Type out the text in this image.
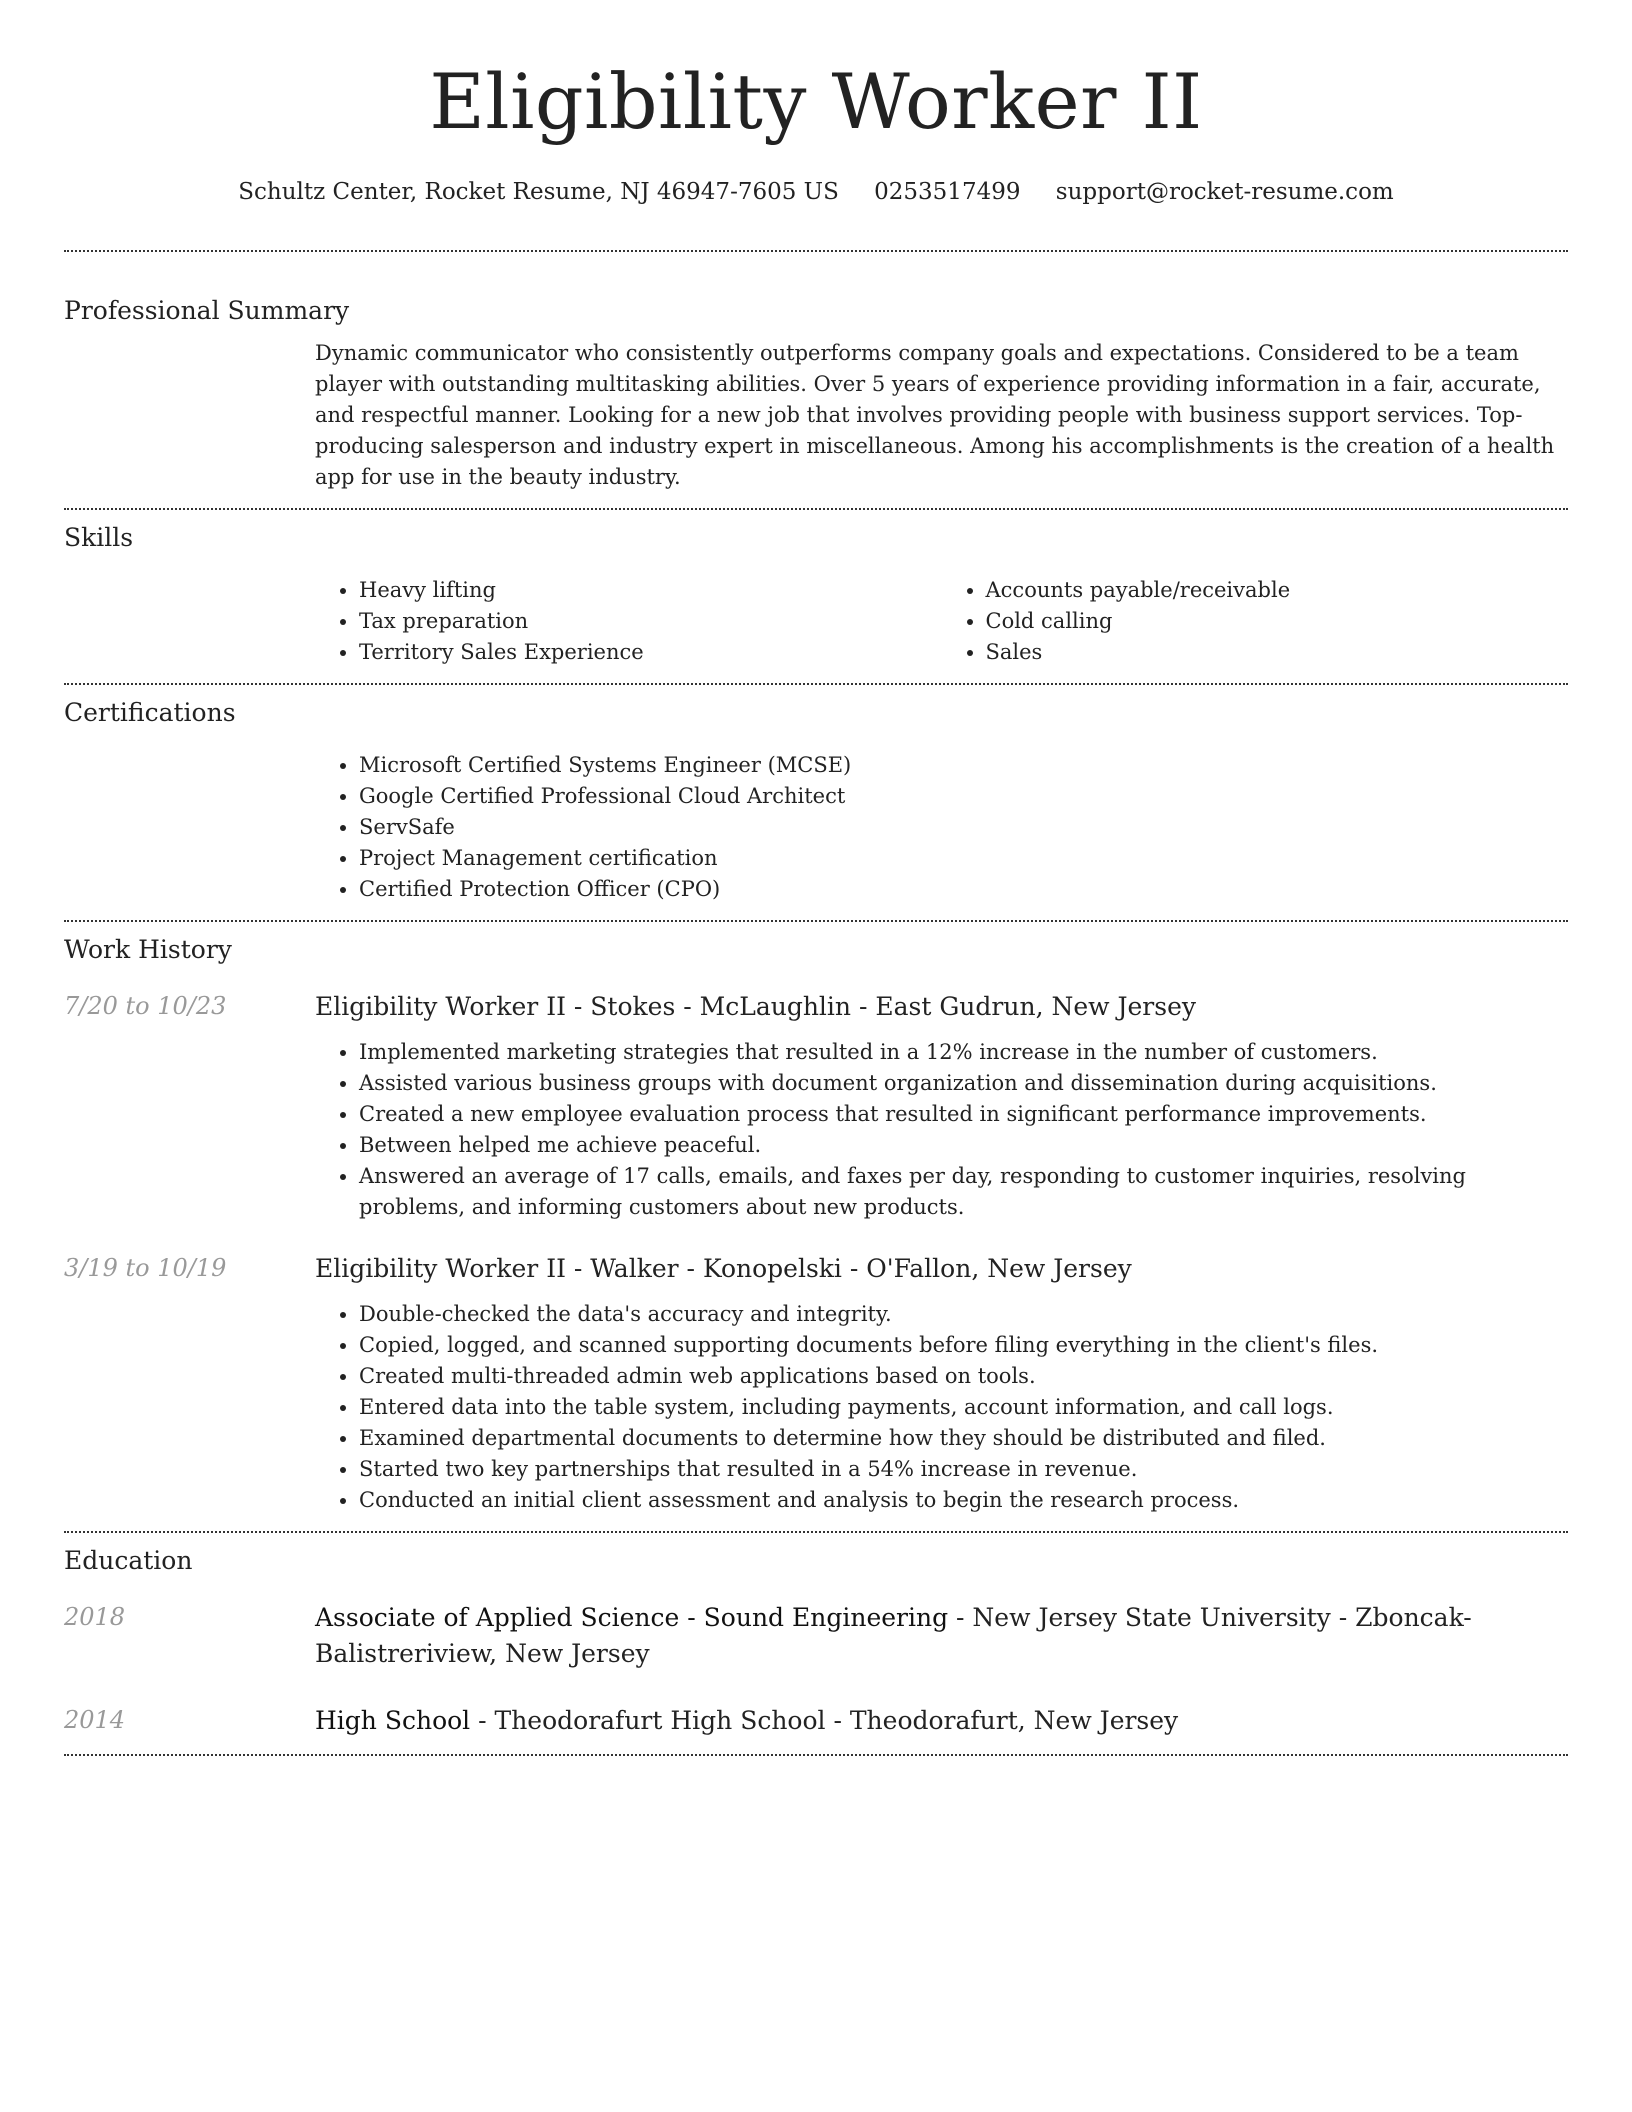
Eligibility Worker II
Schultz Center, Rocket Resume, NJ 46947-7605 US 0253517499 support@rocket-resume.com
Professional Summary
Dynamic communicator who consistently outperforms company goals and expectations. Considered to be a team player with outstanding multitasking abilities. Over 5 years of experience providing information in a fair, accurate, and respectful manner. Looking for a new job that involves providing people with business support services. Top-producing salesperson and industry expert in miscellaneous. Among his accomplishments is the creation of a health app for use in the beauty industry.
Skills
• Heavy lifting
• Tax preparation
• Territory Sales Experience
• Accounts payable/receivable
• Cold calling
• Sales
Certifications
• Microsoft Certified Systems Engineer (MCSE)
• Google Certified Professional Cloud Architect
• ServSafe
• Project Management certification
• Certified Protection Officer (CPO)
Work History
7/20 to 10/23	Eligibility Worker II - Stokes - McLaughlin - East Gudrun, New Jersey
• Implemented marketing strategies that resulted in a 12% increase in the number of customers.
• Assisted various business groups with document organization and dissemination during acquisitions.
• Created a new employee evaluation process that resulted in significant performance improvements.
• Between helped me achieve peaceful.
• Answered an average of 17 calls, emails, and faxes per day, responding to customer inquiries, resolving problems, and informing customers about new products.
3/19 to 10/19	Eligibility Worker II - Walker - Konopelski - O'Fallon, New Jersey
• Double-checked the data's accuracy and integrity.
• Copied, logged, and scanned supporting documents before filing everything in the client's files.
• Created multi-threaded admin web applications based on tools.
• Entered data into the table system, including payments, account information, and call logs.
• Examined departmental documents to determine how they should be distributed and filed.
• Started two key partnerships that resulted in a 54% increase in revenue.
• Conducted an initial client assessment and analysis to begin the research process.
Education
2018	Associate of Applied Science - Sound Engineering - New Jersey State University - Zboncak-Balistreriview, New Jersey
2014	High School - Theodorafurt High School - Theodorafurt, New Jersey
